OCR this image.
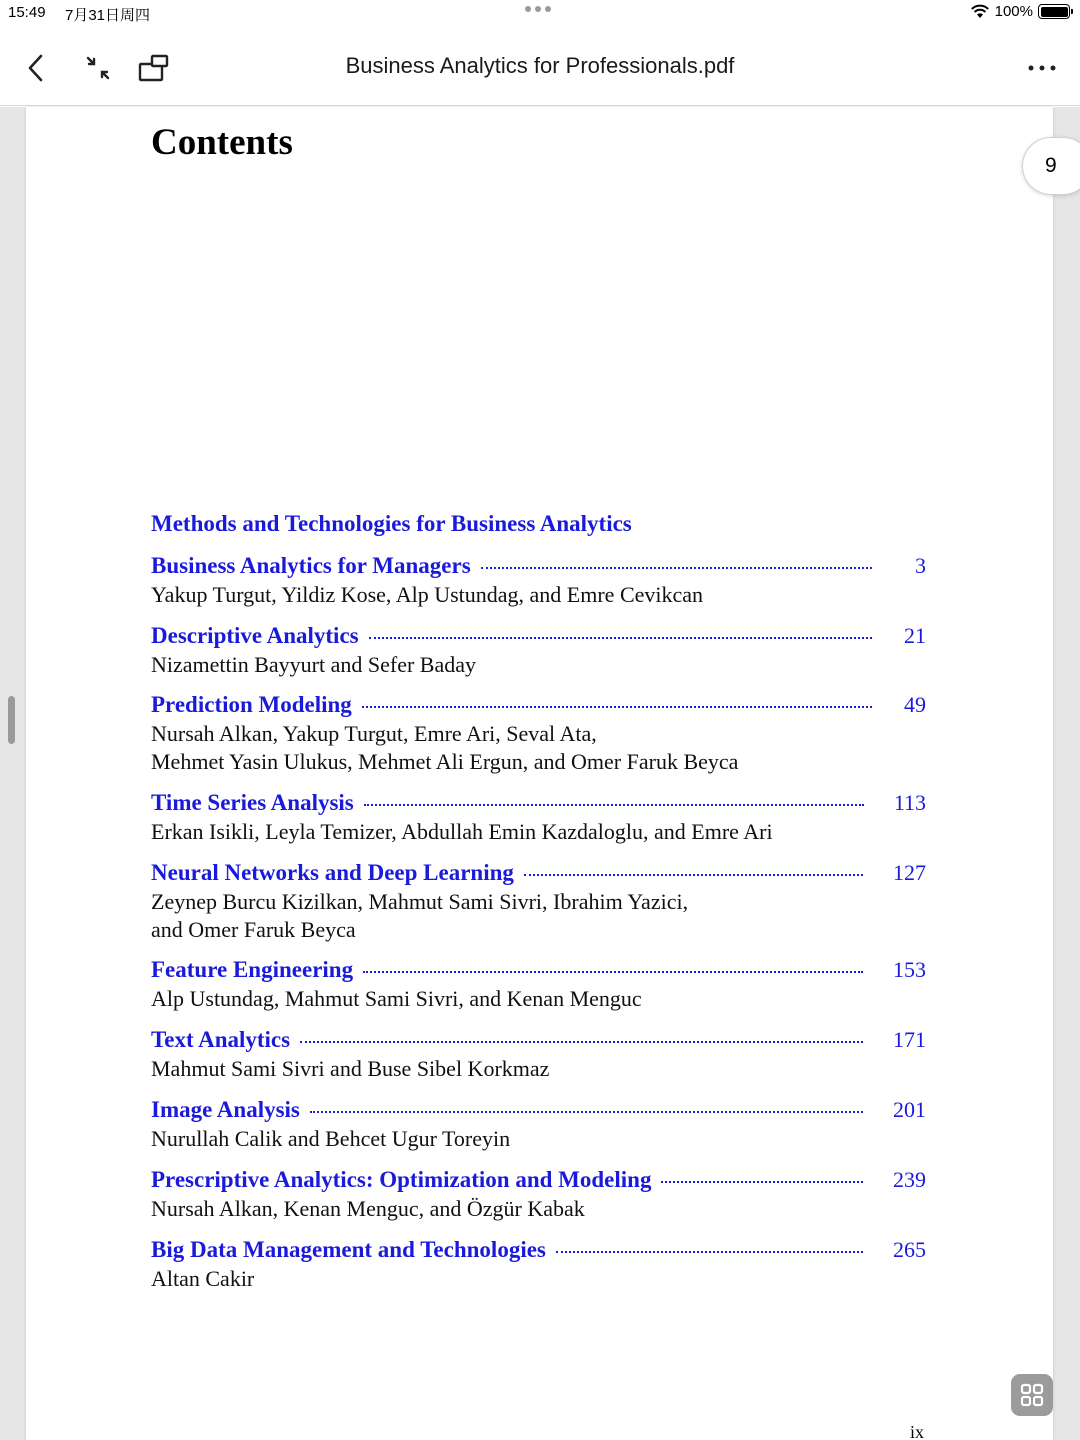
15:49 7月31日周四	100%
Business Analytics for Professionals.pdf
Contents
Methods and Technologies for Business Analytics
Business Analytics for Managers	3
Yakup Turgut, Yildiz Kose, Alp Ustundag, and Emre Cevikcan
Descriptive Analytics	21
Nizamettin Bayyurt and Sefer Baday
Prediction Modeling	49
Nursah Alkan, Yakup Turgut, Emre Ari, Seval Ata,
Mehmet Yasin Ulukus, Mehmet Ali Ergun, and Omer Faruk Beyca
Time Series Analysis	113
Erkan Isikli, Leyla Temizer, Abdullah Emin Kazdaloglu, and Emre Ari
Neural Networks and Deep Learning	127
Zeynep Burcu Kizilkan, Mahmut Sami Sivri, Ibrahim Yazici,
and Omer Faruk Beyca
Feature Engineering	153
Alp Ustundag, Mahmut Sami Sivri, and Kenan Menguc
Text Analytics	171
Mahmut Sami Sivri and Buse Sibel Korkmaz
Image Analysis	201
Nurullah Calik and Behcet Ugur Toreyin
Prescriptive Analytics: Optimization and Modeling	239
Nursah Alkan, Kenan Menguc, and Özgür Kabak
Big Data Management and Technologies	265
Altan Cakir
ix
9
